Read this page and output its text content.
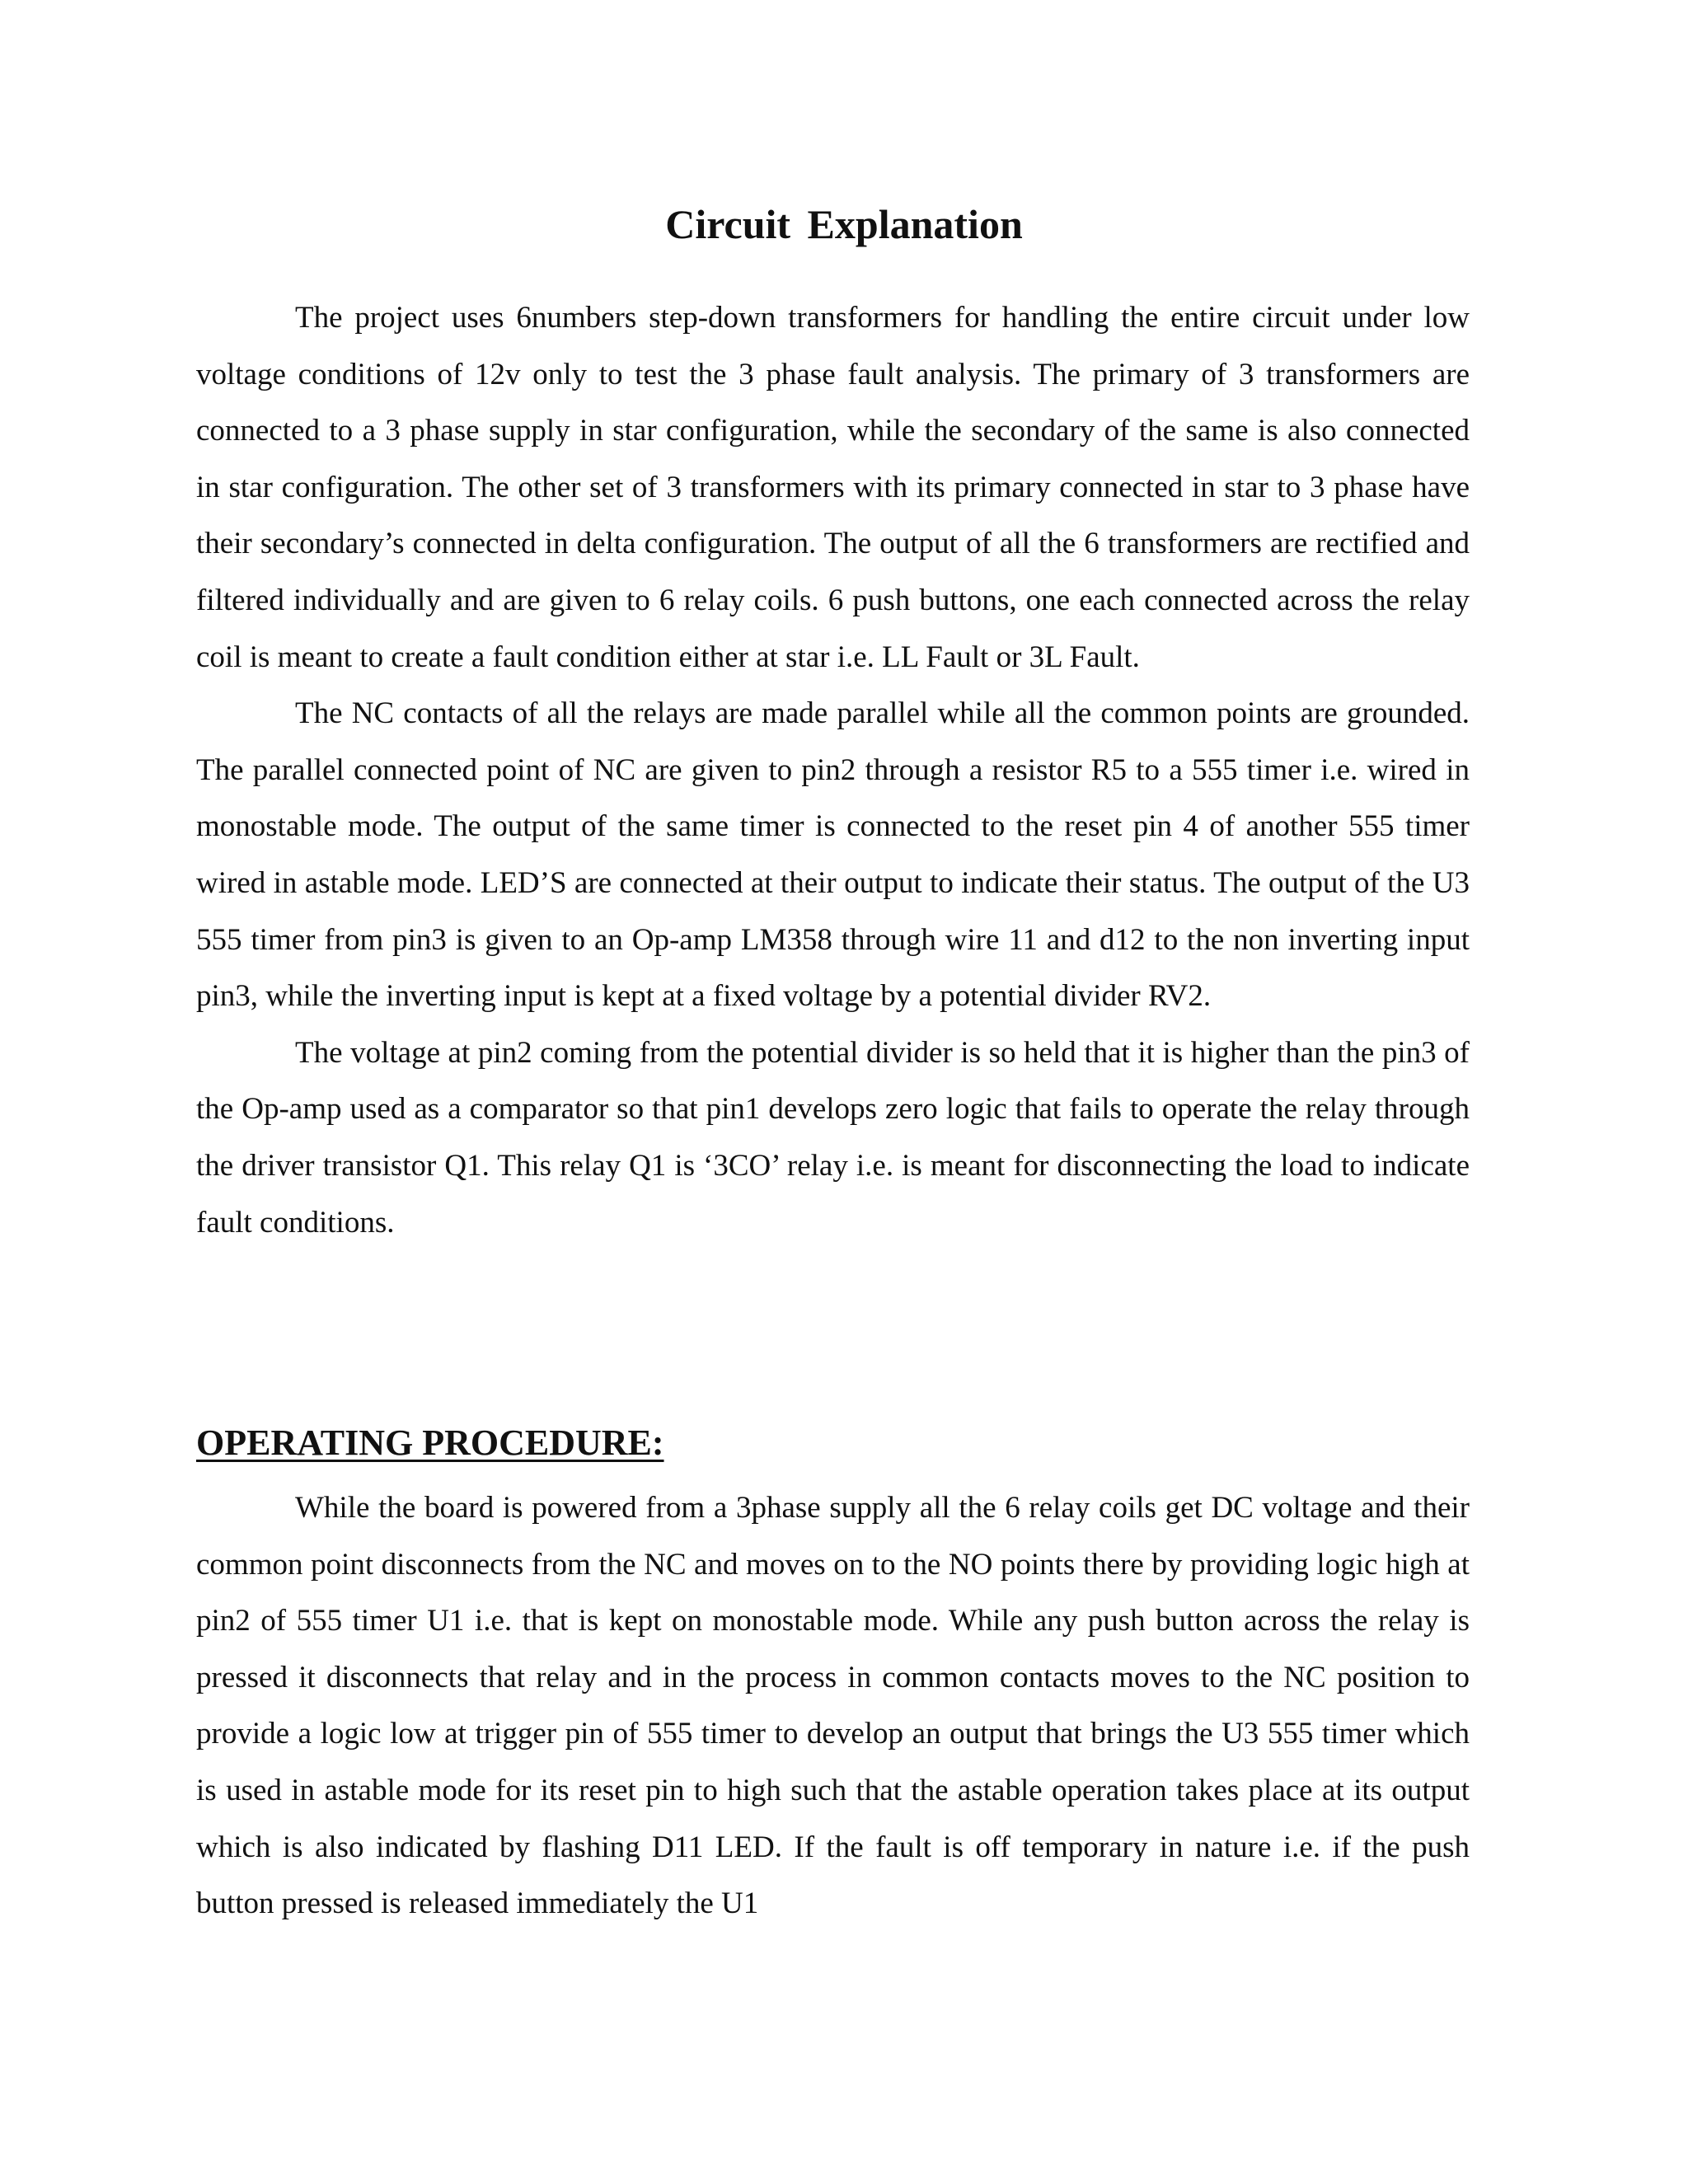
Circuit Explanation

The project uses 6numbers step-down transformers for handling the entire circuit under low voltage conditions of 12v only to test the 3 phase fault analysis. The primary of 3 transformers are connected to a 3 phase supply in star configuration, while the secondary of the same is also connected in star configuration. The other set of 3 transformers with its primary connected in star to 3 phase have their secondary’s connected in delta configuration. The output of all the 6 transformers are rectified and filtered individually and are given to 6 relay coils. 6 push buttons, one each connected across the relay coil is meant to create a fault condition either at star i.e. LL Fault or 3L Fault.

The NC contacts of all the relays are made parallel while all the common points are grounded. The parallel connected point of NC are given to pin2 through a resistor R5 to a 555 timer i.e. wired in monostable mode. The output of the same timer is connected to the reset pin 4 of another 555 timer wired in astable mode. LED’S are connected at their output to indicate their status. The output of the U3 555 timer from pin3 is given to an Op-amp LM358 through wire 11 and d12 to the non inverting input pin3, while the inverting input is kept at a fixed voltage by a potential divider RV2.

The voltage at pin2 coming from the potential divider is so held that it is higher than the pin3 of the Op-amp used as a comparator so that pin1 develops zero logic that fails to operate the relay through the driver transistor Q1. This relay Q1 is ‘3CO’ relay i.e. is meant for disconnecting the load to indicate fault conditions.

OPERATING PROCEDURE:

While the board is powered from a 3phase supply all the 6 relay coils get DC voltage and their common point disconnects from the NC and moves on to the NO points there by providing logic high at pin2 of 555 timer U1 i.e. that is kept on monostable mode. While any push button across the relay is pressed it disconnects that relay and in the process in common contacts moves to the NC position to provide a logic low at trigger pin of 555 timer to develop an output that brings the U3 555 timer which is used in astable mode for its reset pin to high such that the astable operation takes place at its output which is also indicated by flashing D11 LED. If the fault is off temporary in nature i.e. if the push button pressed is released immediately the U1
